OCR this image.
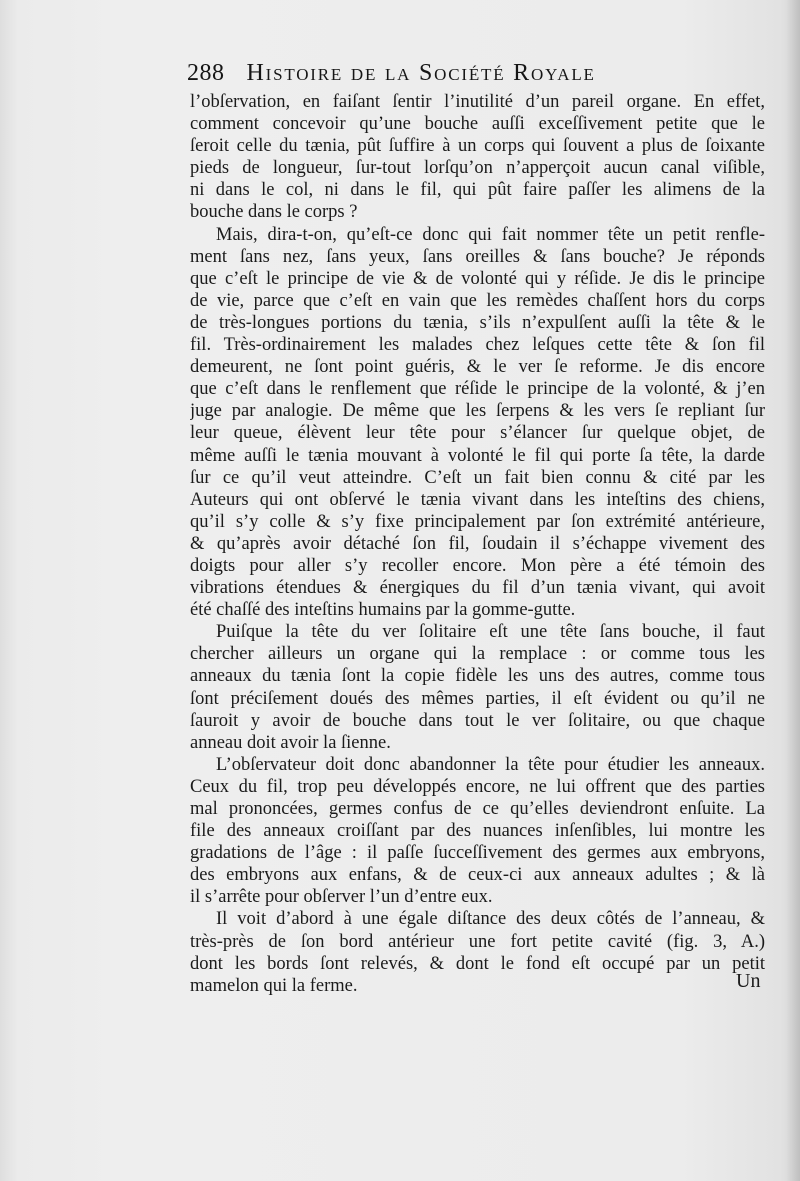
288 Histoire de la Société Royale
l’obſervation, en faiſant ſentir l’inutilité d’un pareil organe. En effet,
comment concevoir qu’une bouche auſſi exceſſivement petite que le
ſeroit celle du tænia, pût ſuffire à un corps qui ſouvent a plus de ſoixante
pieds de longueur, ſur-tout lorſqu’on n’apperçoit aucun canal viſible,
ni dans le col, ni dans le fil, qui pût faire paſſer les alimens de la
bouche dans le corps ?
Mais, dira-t-on, qu’eſt-ce donc qui fait nommer tête un petit renfle-
ment ſans nez, ſans yeux, ſans oreilles & ſans bouche? Je réponds
que c’eſt le principe de vie & de volonté qui y réſide. Je dis le principe
de vie, parce que c’eſt en vain que les remèdes chaſſent hors du corps
de très-longues portions du tænia, s’ils n’expulſent auſſi la tête & le
fil. Très-ordinairement les malades chez leſques cette tête & ſon fil
demeurent, ne ſont point guéris, & le ver ſe reforme. Je dis encore
que c’eſt dans le renflement que réſide le principe de la volonté, & j’en
juge par analogie. De même que les ſerpens & les vers ſe repliant ſur
leur queue, élèvent leur tête pour s’élancer ſur quelque objet, de
même auſſi le tænia mouvant à volonté le fil qui porte ſa tête, la darde
ſur ce qu’il veut atteindre. C’eſt un fait bien connu & cité par les
Auteurs qui ont obſervé le tænia vivant dans les inteſtins des chiens,
qu’il s’y colle & s’y fixe principalement par ſon extrémité antérieure,
& qu’après avoir détaché ſon fil, ſoudain il s’échappe vivement des
doigts pour aller s’y recoller encore. Mon père a été témoin des
vibrations étendues & énergiques du fil d’un tænia vivant, qui avoit
été chaſſé des inteſtins humains par la gomme-gutte.
Puiſque la tête du ver ſolitaire eſt une tête ſans bouche, il faut
chercher ailleurs un organe qui la remplace : or comme tous les
anneaux du tænia ſont la copie fidèle les uns des autres, comme tous
ſont préciſement doués des mêmes parties, il eſt évident ou qu’il ne
ſauroit y avoir de bouche dans tout le ver ſolitaire, ou que chaque
anneau doit avoir la ſienne.
L’obſervateur doit donc abandonner la tête pour étudier les anneaux.
Ceux du fil, trop peu développés encore, ne lui offrent que des parties
mal prononcées, germes confus de ce qu’elles deviendront enſuite. La
file des anneaux croiſſant par des nuances inſenſibles, lui montre les
gradations de l’âge : il paſſe ſucceſſivement des germes aux embryons,
des embryons aux enfans, & de ceux-ci aux anneaux adultes ; & là
il s’arrête pour obſerver l’un d’entre eux.
Il voit d’abord à une égale diſtance des deux côtés de l’anneau, &
très-près de ſon bord antérieur une fort petite cavité (fig. 3, A.)
dont les bords ſont relevés, & dont le fond eſt occupé par un petit
mamelon qui la ferme.	Un
